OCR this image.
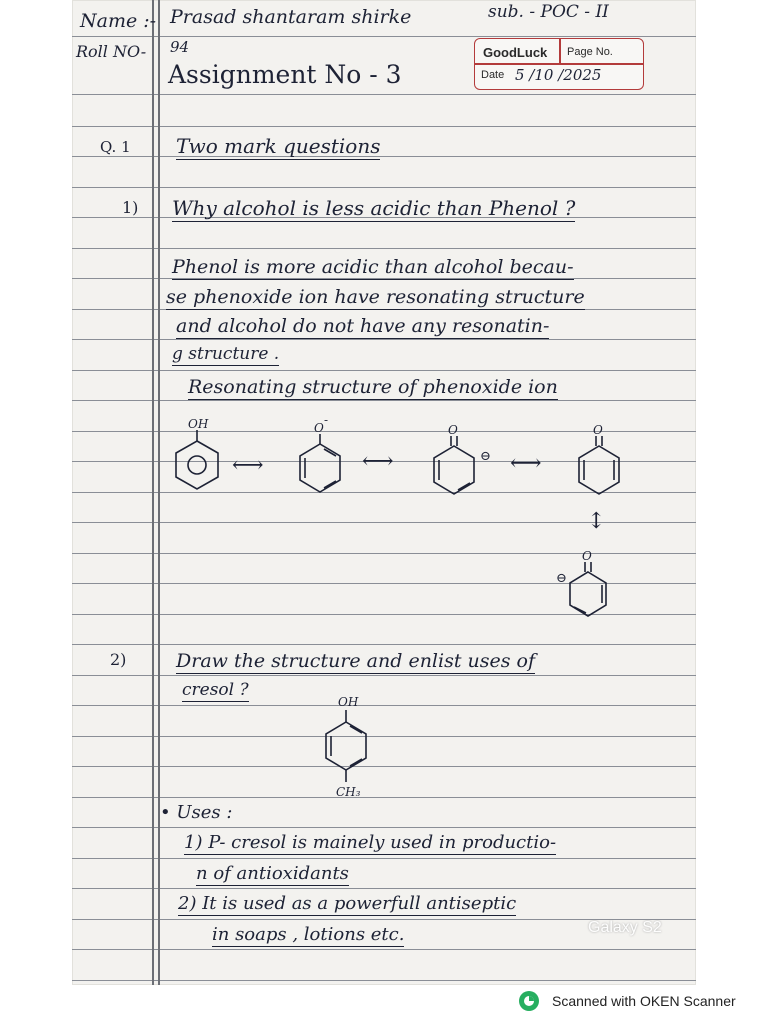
Name :- Prasad shantaram shirke	sub. - POC - II
Roll NO- 94
Assignment No - 3
GoodLuck Page No.
Date 5 /10 /2025
Q. 1 Two mark questions
1) Why alcohol is less acidic than Phenol ?
Phenol is more acidic than alcohol becau-
se phenoxide ion have resonating structure
and alcohol do not have any resonatin-
g structure .
Resonating structure of phenoxide ion
OH
⟷
O
-
⟷
O
⊖ ⟷
O
↕
O
⊖
2)	Draw the structure and enlist uses of
cresol ?
OH
CH₃
• Uses :
1) P- cresol is mainely used in productio-
n of antioxidants
2) It is used as a powerfull antiseptic
in soaps , lotions etc.	Galaxy S2
Scanned with OKEN Scanner
